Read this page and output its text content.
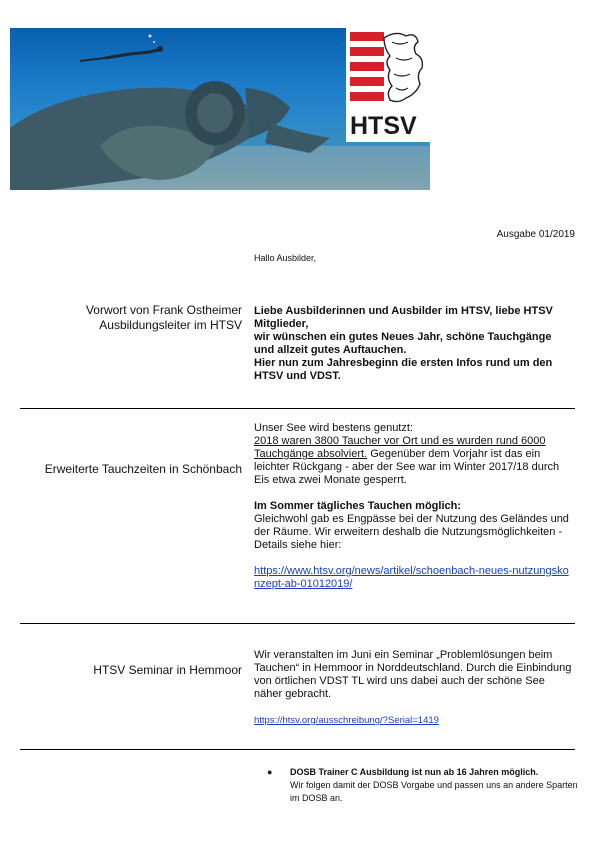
HTSV
Ausgabe 01/2019
Hallo Ausbilder,
Vorwort von Frank Ostheimer
Ausbildungsleiter im HTSV

Liebe Ausbilderinnen und Ausbilder im HTSV, liebe HTSV Mitglieder,

wir wünschen ein gutes Neues Jahr, schöne Tauchgänge und allzeit gutes Auftauchen.

Hier nun zum Jahresbeginn die ersten Infos rund um den HTSV und VDST.

Erweiterte Tauchzeiten in Schönbach

Unser See wird bestens genutzt:

2018 waren 3800 Taucher vor Ort und es wurden rund 6000 Tauchgänge absolviert. Gegenüber dem Vorjahr ist das ein leichter Rückgang - aber der See war im Winter 2017/18 durch Eis etwa zwei Monate gesperrt.

Im Sommer tägliches Tauchen möglich:

Gleichwohl gab es Engpässe bei der Nutzung des Geländes und der Räume. Wir erweitern deshalb die Nutzungsmöglichkeiten - Details siehe hier:

https://www.htsv.org/news/artikel/schoenbach-neues-nutzungskonzept-ab-01012019/

HTSV Seminar in Hemmoor

Wir veranstalten im Juni ein Seminar „Problemlösungen beim Tauchen“ in Hemmoor in Norddeutschland. Durch die Einbindung von örtlichen VDST TL wird uns dabei auch der schöne See näher gebracht.

https://htsv.org/ausschreibung/?Serial=1419

● DOSB Trainer C Ausbildung ist nun ab 16 Jahren möglich.
Wir folgen damit der DOSB Vorgabe und passen uns an andere Sparten im DOSB an.
